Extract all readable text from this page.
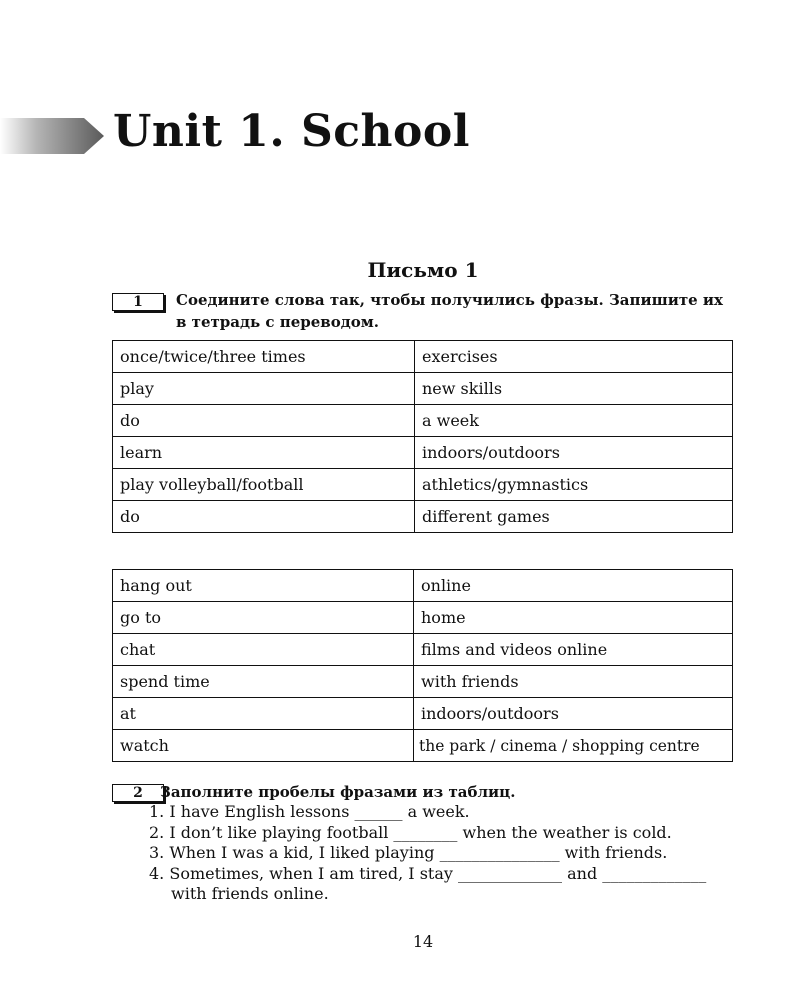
Unit 1. School
Письмо 1
1	Соедините слова так, чтобы получились фразы. Запишите их
в тетрадь с переводом.
once/twice/three times	exercises
play	new skills
do	a week
learn	indoors/outdoors
play volleyball/football	athletics/gymnastics
do	different games
hang out	online
go to	home
chat	films and videos online
spend time	with friends
at	indoors/outdoors
watch	the park / cinema / shopping centre
2	Заполните пробелы фразами из таблиц.
1. I have English lessons ______ a week.
2. I don’t like playing football ________ when the weather is cold.
3. When I was a kid, I liked playing _______________ with friends.
4. Sometimes, when I am tired, I stay _____________ and _____________
with friends online.
14
